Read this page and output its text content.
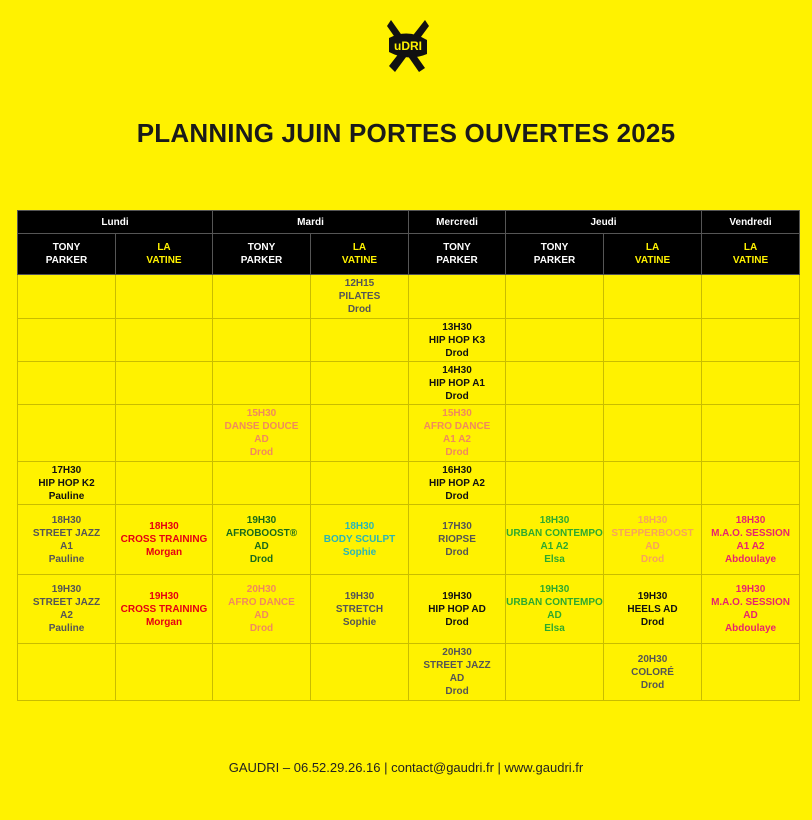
uDRI
PLANNING JUIN PORTES OUVERTES 2025
Lundi		Mardi		Mercredi	Jeudi		Vendredi

TONY
PARKER	LA
VATINE	TONY
PARKER	LA
VATINE	TONY
PARKER	TONY
PARKER	LA
VATINE	LA
VATINE

			12H15
PILATES
Drod				

				13H30
HIP HOP K3
Drod			

				14H30
HIP HOP A1
Drod			

		15H30
DANSE DOUCE
AD
Drod		15H30
AFRO DANCE
A1 A2
Drod			

17H30
HIP HOP K2
Pauline				16H30
HIP HOP A2
Drod			

18H30
STREET JAZZ
A1
Pauline	18H30
CROSS TRAINING
Morgan	19H30
AFROBOOST®
AD
Drod	18H30
BODY SCULPT
Sophie	17H30
RIOPSE
Drod	18H30
URBAN CONTEMPO
A1 A2
Elsa	18H30
STEPPERBOOST
AD
Drod	18H30
M.A.O. SESSION
A1 A2
Abdoulaye

19H30
STREET JAZZ
A2
Pauline	19H30
CROSS TRAINING
Morgan	20H30
AFRO DANCE
AD
Drod	19H30
STRETCH
Sophie	19H30
HIP HOP AD
Drod	19H30
URBAN CONTEMPO
AD
Elsa	19H30
HEELS AD
Drod	19H30
M.A.O. SESSION
AD
Abdoulaye

				20H30
STREET JAZZ
AD
Drod		20H30
COLORÉ
Drod	

GAUDRI – 06.52.29.26.16 | contact@gaudri.fr | www.gaudri.fr
